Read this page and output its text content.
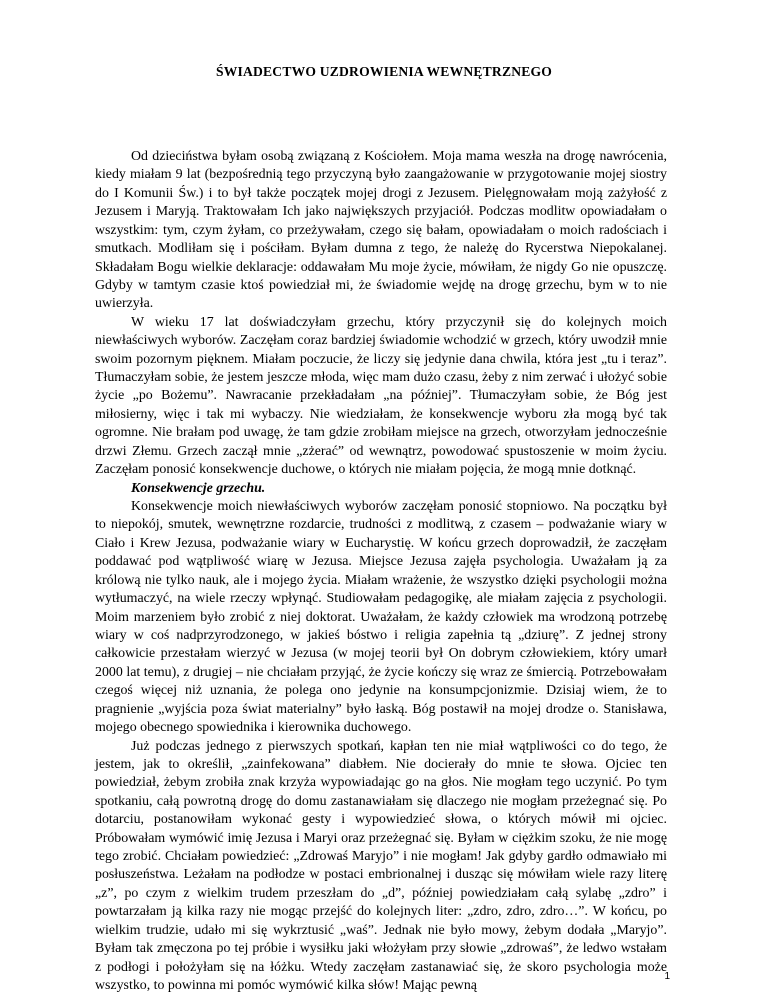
ŚWIADECTWO UZDROWIENIA WEWNĘTRZNEGO

Od dzieciństwa byłam osobą związaną z Kościołem. Moja mama weszła na drogę nawrócenia, kiedy miałam 9 lat (bezpośrednią tego przyczyną było zaangażowanie w przygotowanie mojej siostry do I Komunii Św.) i to był także początek mojej drogi z Jezusem. Pielęgnowałam moją zażyłość z Jezusem i Maryją. Traktowałam Ich jako największych przyjaciół. Podczas modlitw opowiadałam o wszystkim: tym, czym żyłam, co przeżywałam, czego się bałam, opowiadałam o moich radościach i smutkach. Modliłam się i pościłam. Byłam dumna z tego, że należę do Rycerstwa Niepokalanej. Składałam Bogu wielkie deklaracje: oddawałam Mu moje życie, mówiłam, że nigdy Go nie opuszczę. Gdyby w tamtym czasie ktoś powiedział mi, że świadomie wejdę na drogę grzechu, bym w to nie uwierzyła.

W wieku 17 lat doświadczyłam grzechu, który przyczynił się do kolejnych moich niewłaściwych wyborów. Zaczęłam coraz bardziej świadomie wchodzić w grzech, który uwodził mnie swoim pozornym pięknem. Miałam poczucie, że liczy się jedynie dana chwila, która jest „tu i teraz”. Tłumaczyłam sobie, że jestem jeszcze młoda, więc mam dużo czasu, żeby z nim zerwać i ułożyć sobie życie „po Bożemu”. Nawracanie przekładałam „na później”. Tłumaczyłam sobie, że Bóg jest miłosierny, więc i tak mi wybaczy. Nie wiedziałam, że konsekwencje wyboru zła mogą być tak ogromne. Nie brałam pod uwagę, że tam gdzie zrobiłam miejsce na grzech, otworzyłam jednocześnie drzwi Złemu. Grzech zaczął mnie „zżerać” od wewnątrz, powodować spustoszenie w moim życiu. Zaczęłam ponosić konsekwencje duchowe, o których nie miałam pojęcia, że mogą mnie dotknąć.

Konsekwencje grzechu.

Konsekwencje moich niewłaściwych wyborów zaczęłam ponosić stopniowo. Na początku był to niepokój, smutek, wewnętrzne rozdarcie, trudności z modlitwą, z czasem – podważanie wiary w Ciało i Krew Jezusa, podważanie wiary w Eucharystię. W końcu grzech doprowadził, że zaczęłam poddawać pod wątpliwość wiarę w Jezusa. Miejsce Jezusa zajęła psychologia. Uważałam ją za królową nie tylko nauk, ale i mojego życia. Miałam wrażenie, że wszystko dzięki psychologii można wytłumaczyć, na wiele rzeczy wpłynąć. Studiowałam pedagogikę, ale miałam zajęcia z psychologii. Moim marzeniem było zrobić z niej doktorat. Uważałam, że każdy człowiek ma wrodzoną potrzebę wiary w coś nadprzyrodzonego, w jakieś bóstwo i religia zapełnia tą „dziurę”. Z jednej strony całkowicie przestałam wierzyć w Jezusa (w mojej teorii był On dobrym człowiekiem, który umarł 2000 lat temu), z drugiej – nie chciałam przyjąć, że życie kończy się wraz ze śmiercią. Potrzebowałam czegoś więcej niż uznania, że polega ono jedynie na konsumpcjonizmie. Dzisiaj wiem, że to pragnienie „wyjścia poza świat materialny” było łaską. Bóg postawił na mojej drodze o. Stanisława, mojego obecnego spowiednika i kierownika duchowego.

Już podczas jednego z pierwszych spotkań, kapłan ten nie miał wątpliwości co do tego, że jestem, jak to określił, „zainfekowana” diabłem. Nie docierały do mnie te słowa. Ojciec ten powiedział, żebym zrobiła znak krzyża wypowiadając go na głos. Nie mogłam tego uczynić. Po tym spotkaniu, całą powrotną drogę do domu zastanawiałam się dlaczego nie mogłam przeżegnać się. Po dotarciu, postanowiłam wykonać gesty i wypowiedzieć słowa, o których mówił mi ojciec. Próbowałam wymówić imię Jezusa i Maryi oraz przeżegnać się. Byłam w ciężkim szoku, że nie mogę tego zrobić. Chciałam powiedzieć: „Zdrowaś Maryjo” i nie mogłam! Jak gdyby gardło odmawiało mi posłuszeństwa. Leżałam na podłodze w postaci embrionalnej i dusząc się mówiłam wiele razy literę „z”, po czym z wielkim trudem przeszłam do „d”, później powiedziałam całą sylabę „zdro” i powtarzałam ją kilka razy nie mogąc przejść do kolejnych liter: „zdro, zdro, zdro…”. W końcu, po wielkim trudzie, udało mi się wykrztusić „waś”. Jednak nie było mowy, żebym dodała „Maryjo”. Byłam tak zmęczona po tej próbie i wysiłku jaki włożyłam przy słowie „zdrowaś”, że ledwo wstałam z podłogi i położyłam się na łóżku. Wtedy zaczęłam zastanawiać się, że skoro psychologia może wszystko, to powinna mi pomóc wymówić kilka słów! Mając pewną

1
